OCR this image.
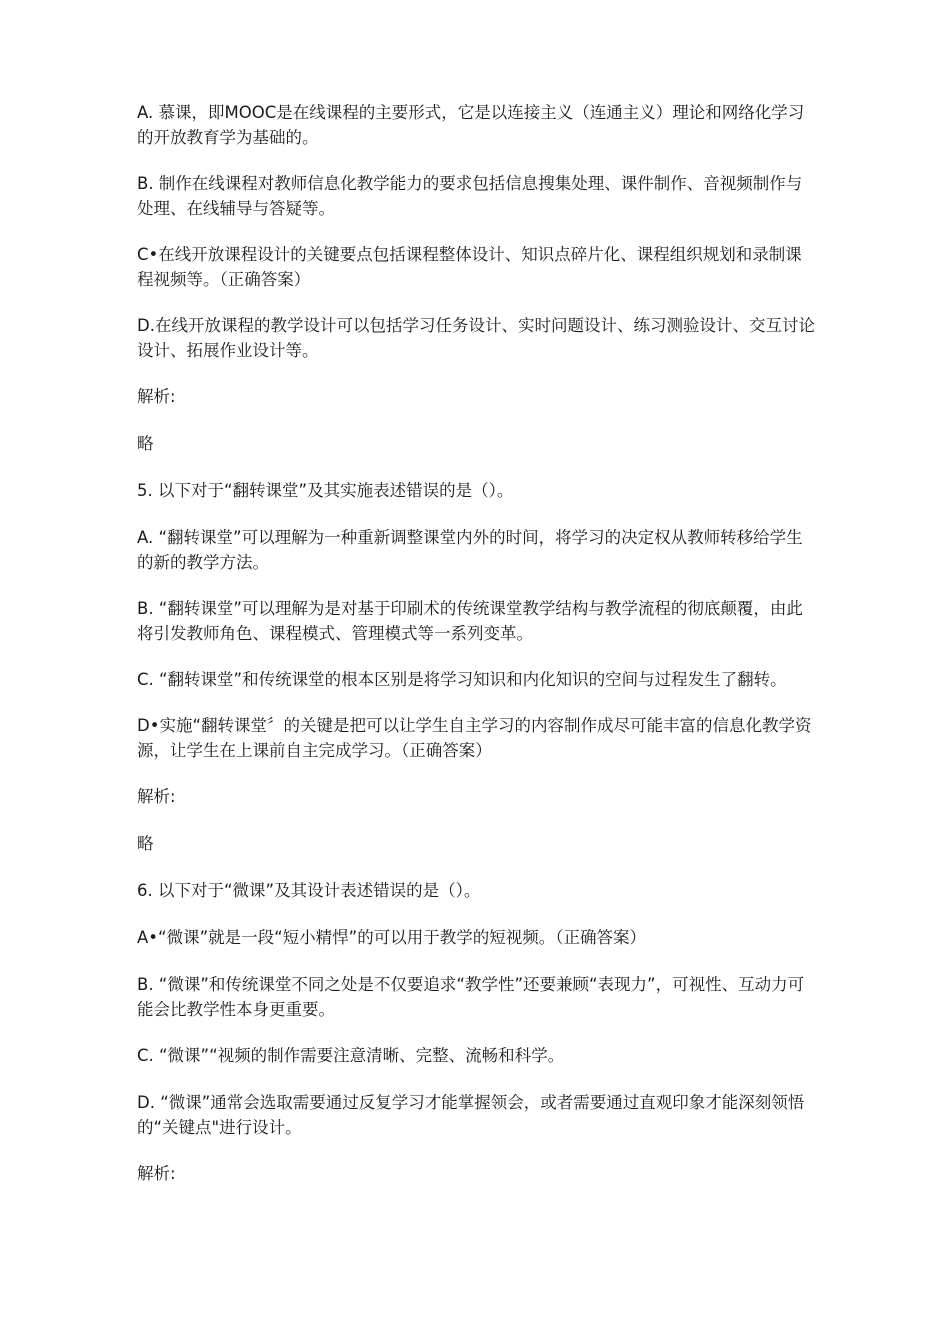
A. 慕课，即MOOC是在线课程的主要形式，它是以连接主义（连通主义）理论和网络化学习的开放教育学为基础的。

B. 制作在线课程对教师信息化教学能力的要求包括信息搜集处理、课件制作、音视频制作与处理、在线辅导与答疑等。

C•在线开放课程设计的关键要点包括课程整体设计、知识点碎片化、课程组织规划和录制课程视频等。（正确答案）

D.在线开放课程的教学设计可以包括学习任务设计、实时问题设计、练习测验设计、交互讨论设计、拓展作业设计等。

解析:

略

5. 以下对于“翻转课堂”及其实施表述错误的是（）。

A. “翻转课堂”可以理解为一种重新调整课堂内外的时间，将学习的决定权从教师转移给学生的新的教学方法。

B. “翻转课堂”可以理解为是对基于印刷术的传统课堂教学结构与教学流程的彻底颠覆，由此将引发教师角色、课程模式、管理模式等一系列变革。

C. “翻转课堂”和传统课堂的根本区别是将学习知识和内化知识的空间与过程发生了翻转。

D•实施“翻转课堂〞的关键是把可以让学生自主学习的内容制作成尽可能丰富的信息化教学资源，让学生在上课前自主完成学习。（正确答案）

解析:

略

6. 以下对于“微课”及其设计表述错误的是（）。

A•“微课”就是一段“短小精悍”的可以用于教学的短视频。（正确答案）

B. “微课”和传统课堂不同之处是不仅要追求“教学性”还要兼顾“表现力”，可视性、互动力可能会比教学性本身更重要。

C. “微课”“视频的制作需要注意清晰、完整、流畅和科学。

D. “微课”通常会选取需要通过反复学习才能掌握领会，或者需要通过直观印象才能深刻领悟的“关键点"进行设计。

解析:
